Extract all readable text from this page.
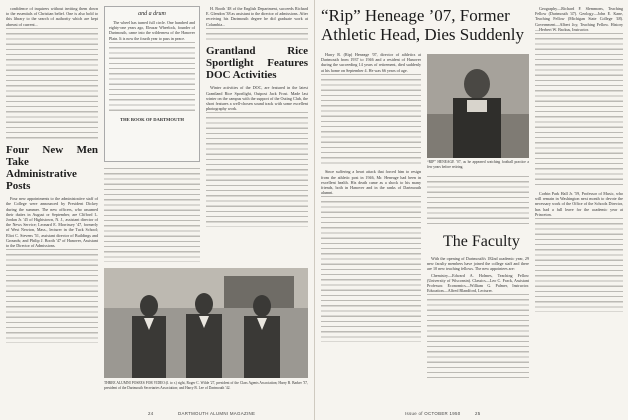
confidence of inquirers without inviting them down to the essentials of Christian belief. One is also bold to this library to the search of authority which are kept abreast of current...

Four New Men Take Administrative Posts

Four new appointments to the administrative staff of the College were announced by President Dickey during the summer. The new officers, who assumed their duties in August or September, are Clifford L. Jordan Jr. '45 of Hightstown, N. J., assistant director of the News Service; Leonard E. Morrissey '47, formerly of West Newton, Mass., lecturer in the Tuck School; Eliot C. Stevens '51, assistant director of Buildings and Grounds; and Philip J. Booth '47 of Hanover, Assistant to the Director of Admissions.

and a drum

The wheel has turned full circle. One hundred and eighty-one years ago, Eleazar Wheelock, founder of Dartmouth, came into the wilderness of the Hanover Plain. It is now the fourth year to pass in peace.

THE BOOK OF DARTMOUTH

H. Booth '48 of the English Department, succeeds Richard E. Glendon '38 as assistant to the director of admissions. After receiving his Dartmouth degree he did graduate work at Columbia...

Grantland Rice Sportlight Features DOC Activities

Winter activities of the DOC, are featured in the latest Grantland Rice Sportlight, Outpost Jack Frost. Made last winter on the campus with the support of the Outing Club, the short features a well-chosen sound track with some excellent photography work.

THREE ALUMNI POSEES FOR VIDEO:(l. to r.) right, Roger C. Wilde '27, president of the Class Agents Association; Harry B. Barker '37, president of the Dartmouth Secretaries Association; and Harry B. Lee of Dartmouth '42.
24	DARTMOUTH ALUMNI MAGAZINE
“Rip” Heneage ’07, Former Athletic Head, Dies Suddenly

Harry R. (Rip) Heneage '07, director of athletics at Dartmouth from 1937 to 1946 and a resident of Hanover during the succeeding 14 years of retirement, died suddenly at his home on September 4. He was 66 years of age.

Since suffering a heart attack that forced him to resign from the athletic post in 1946, Mr. Heneage had been in excellent health. His death came as a shock to his many friends, both in Hanover and in the ranks of Dartmouth alumni.

“RIP” HENEAGE ’07, as he appeared watching football practice a few years before retiring.
The Faculty

With the opening of Dartmouth's 182nd academic year, 29 new faculty members have joined the college staff and there are 10 new teaching fellows. The new appointees are:

Chemistry—Edward A. Holmes, Teaching Fellow (University of Wisconsin). Classics—Leo C. Frack, Assistant Professor. Economics—William G. Palmer, Instructor. Education—Alfred Blandford, Lecturer.

Geography—Richard F. Slemmons, Teaching Fellow (Dartmouth '47). Geology—John E. Kane, Teaching Fellow (Michigan State College '48). Government—Albert Joy, Teaching Fellow. History—Herbert W. Backus, Instructor.

Corbin Park Hall Jr. '59, Professor of Music, who will remain in Washington next month to devote the necessary work of the Office of the Schools Director, has had a full leave for the academic year at Princeton.

Issue of OCTOBER 1950	25
